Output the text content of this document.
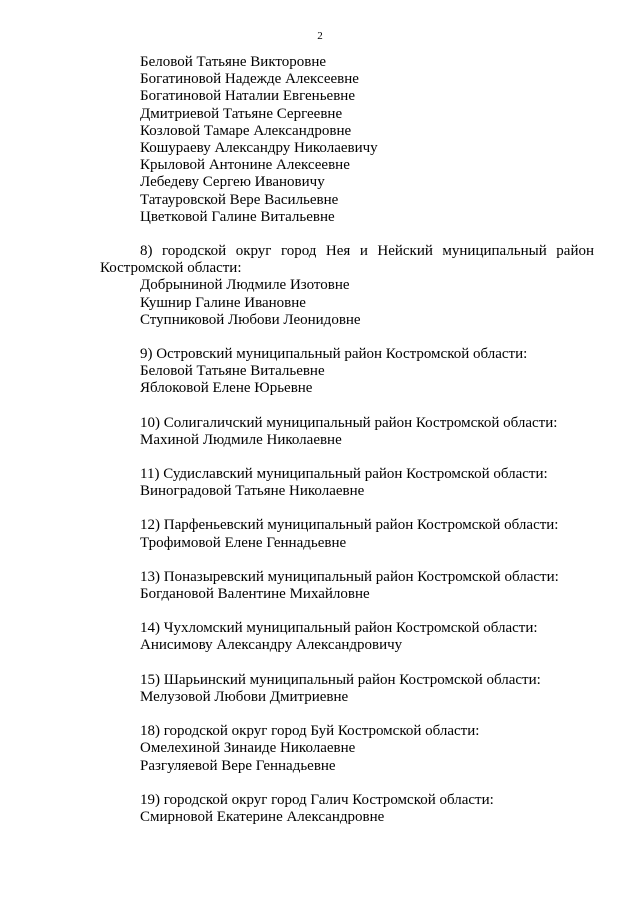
2
Беловой Татьяне Викторовне
Богатиновой Надежде Алексеевне
Богатиновой Наталии Евгеньевне
Дмитриевой Татьяне Сергеевне
Козловой Тамаре Александровне
Кошураеву Александру Николаевичу
Крыловой Антонине Алексеевне
Лебедеву Сергею Ивановичу
Татауровской Вере Васильевне
Цветковой Галине Витальевне
8) городской округ город Нея и Нейский муниципальный район Костромской области:
Добрыниной Людмиле Изотовне
Кушнир Галине Ивановне
Ступниковой Любови Леонидовне
9) Островский муниципальный район Костромской области:
Беловой Татьяне Витальевне
Яблоковой Елене Юрьевне
10) Солигаличский муниципальный район Костромской области:
Махиной Людмиле Николаевне
11) Судиславский муниципальный район Костромской области:
Виноградовой Татьяне Николаевне
12) Парфеньевский муниципальный район Костромской области:
Трофимовой Елене Геннадьевне
13) Поназыревский муниципальный район Костромской области:
Богдановой Валентине Михайловне
14) Чухломский муниципальный район Костромской области:
Анисимову Александру Александровичу
15) Шарьинский муниципальный район Костромской области:
Мелузовой Любови Дмитриевне
18) городской округ город Буй Костромской области:
Омелехиной Зинаиде Николаевне
Разгуляевой Вере Геннадьевне
19) городской округ город Галич Костромской области:
Смирновой Екатерине Александровне
